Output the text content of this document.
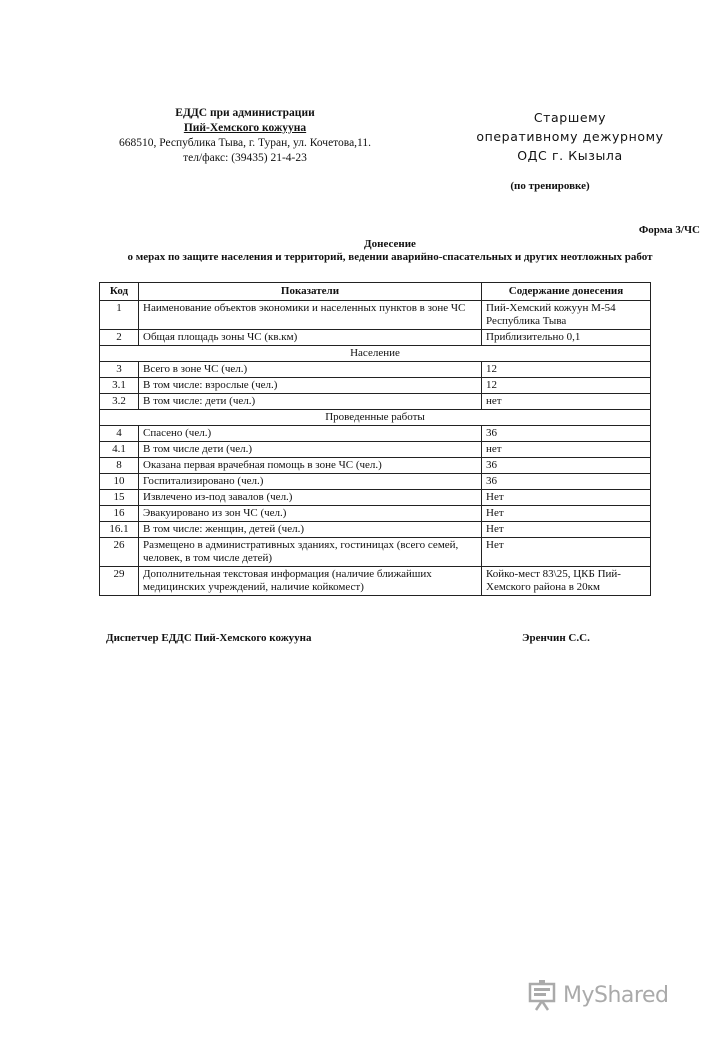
ЕДДС при администрации
Пий-Хемского кожууна
668510, Республика Тыва, г. Туран, ул. Кочетова,11.
тел/факс: (39435) 21-4-23
Старшему
оперативному дежурному
ОДС г. Кызыла
(по тренировке)
Форма 3/ЧС
Донесение
о мерах по защите населения и территорий, ведении аварийно-спасательных и других неотложных работ
Код	Показатели	Содержание донесения
1	Наименование объектов экономики и населенных пунктов в зоне ЧС	Пий-Хемский кожуун М-54 Республика Тыва
2	Общая площадь зоны ЧС (кв.км)	Приблизительно 0,1
Население		
3	Всего в зоне ЧС (чел.)	12
3.1	В том числе: взрослые (чел.)	12
3.2	В том числе: дети (чел.)	нет
Проведенные работы		
4	Спасено (чел.)	36
4.1	В том числе дети (чел.)	нет
8	Оказана первая врачебная помощь в зоне ЧС (чел.)	36
10	Госпитализировано (чел.)	36
15	Извлечено из-под завалов (чел.)	Нет
16	Эвакуировано из зон ЧС (чел.)	Нет
16.1	В том числе: женщин, детей (чел.)	Нет
26	Размещено в административных зданиях, гостиницах (всего семей, человек, в том числе детей)	Нет
29	Дополнительная текстовая информация (наличие ближайших медицинских учреждений, наличие койкомест)	Койко-мест 83\25, ЦКБ Пий-Хемского района в 20км
Диспетчер ЕДДС Пий-Хемского кожууна	Эренчин С.С.
MyShared
